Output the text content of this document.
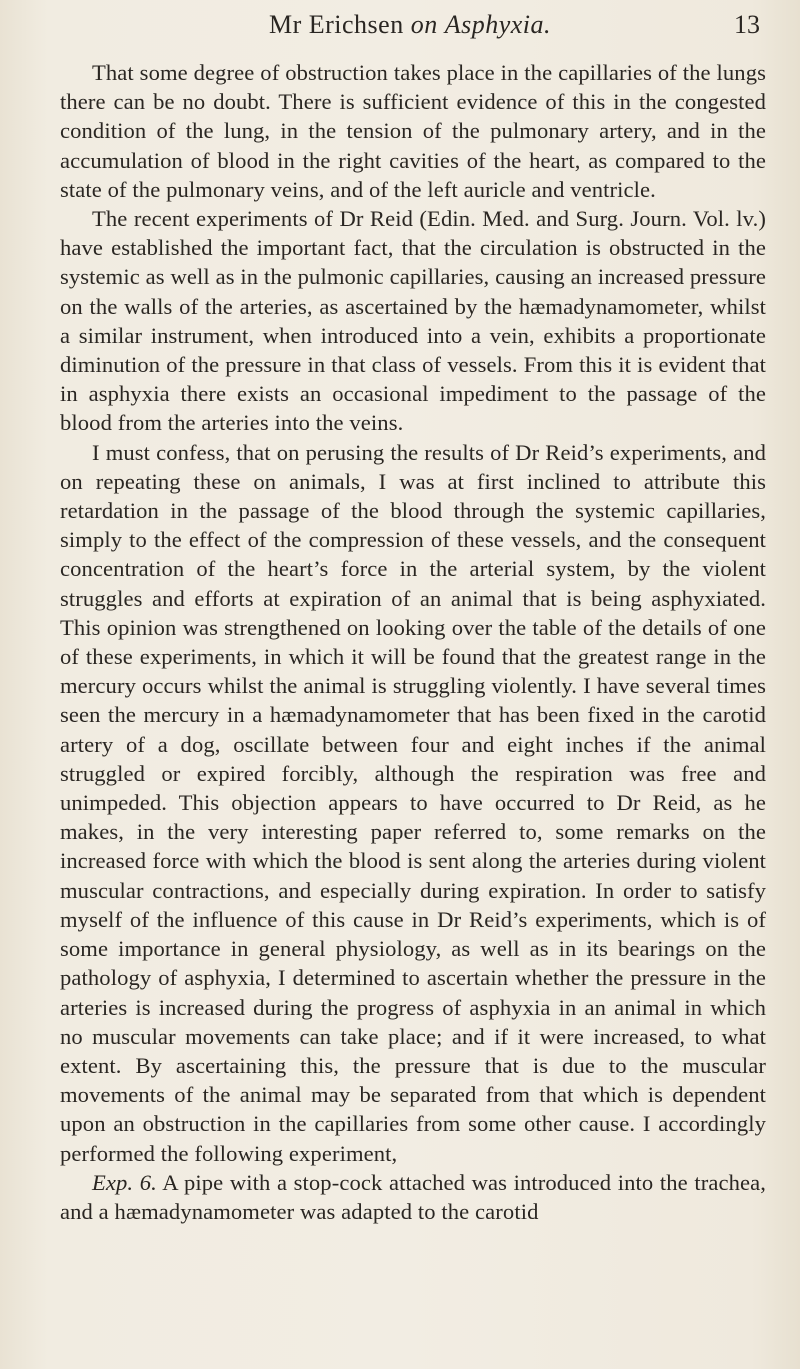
Mr Erichsen on Asphyxia.	13

That some degree of obstruction takes place in the capillaries of the lungs there can be no doubt. There is sufficient evidence of this in the congested condition of the lung, in the tension of the pulmonary artery, and in the accumulation of blood in the right cavities of the heart, as compared to the state of the pulmonary veins, and of the left auricle and ventricle.

The recent experiments of Dr Reid (Edin. Med. and Surg. Journ. Vol. lv.) have established the important fact, that the circulation is obstructed in the systemic as well as in the pulmonic capillaries, causing an increased pressure on the walls of the arteries, as ascertained by the hæmadynamometer, whilst a similar instrument, when introduced into a vein, exhibits a proportionate diminution of the pressure in that class of vessels. From this it is evident that in asphyxia there exists an occasional impediment to the passage of the blood from the arteries into the veins.

I must confess, that on perusing the results of Dr Reid’s experiments, and on repeating these on animals, I was at first inclined to attribute this retardation in the passage of the blood through the systemic capillaries, simply to the effect of the compression of these vessels, and the consequent concentration of the heart’s force in the arterial system, by the violent struggles and efforts at expiration of an animal that is being asphyxiated. This opinion was strengthened on looking over the table of the details of one of these experiments, in which it will be found that the greatest range in the mercury occurs whilst the animal is struggling violently. I have several times seen the mercury in a hæmadynamometer that has been fixed in the carotid artery of a dog, oscillate between four and eight inches if the animal struggled or expired forcibly, although the respiration was free and unimpeded. This objection appears to have occurred to Dr Reid, as he makes, in the very interesting paper referred to, some remarks on the increased force with which the blood is sent along the arteries during violent muscular contractions, and especially during expiration. In order to satisfy myself of the influence of this cause in Dr Reid’s experiments, which is of some importance in general physiology, as well as in its bearings on the pathology of asphyxia, I determined to ascertain whether the pressure in the arteries is increased during the progress of asphyxia in an animal in which no muscular movements can take place; and if it were increased, to what extent. By ascertaining this, the pressure that is due to the muscular movements of the animal may be separated from that which is dependent upon an obstruction in the capillaries from some other cause. I accordingly performed the following experiment,

Exp. 6. A pipe with a stop-cock attached was introduced into the trachea, and a hæmadynamometer was adapted to the carotid
